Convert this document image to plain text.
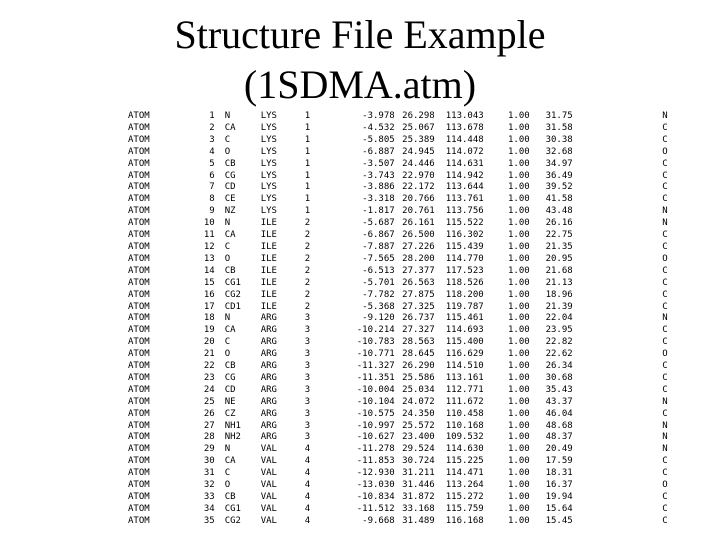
Structure File Example
(1SDMA.atm)
ATOM	1	N	LYS	1	-3.978	26.298	113.043	1.00	31.75	N
ATOM	2	CA	LYS	1	-4.532	25.067	113.678	1.00	31.58	C
ATOM	3	C	LYS	1	-5.805	25.389	114.448	1.00	30.38	C
ATOM	4	O	LYS	1	-6.887	24.945	114.072	1.00	32.68	O
ATOM	5	CB	LYS	1	-3.507	24.446	114.631	1.00	34.97	C
ATOM	6	CG	LYS	1	-3.743	22.970	114.942	1.00	36.49	C
ATOM	7	CD	LYS	1	-3.886	22.172	113.644	1.00	39.52	C
ATOM	8	CE	LYS	1	-3.318	20.766	113.761	1.00	41.58	C
ATOM	9	NZ	LYS	1	-1.817	20.761	113.756	1.00	43.48	N
ATOM	10	N	ILE	2	-5.687	26.161	115.522	1.00	26.16	N
ATOM	11	CA	ILE	2	-6.867	26.500	116.302	1.00	22.75	C
ATOM	12	C	ILE	2	-7.887	27.226	115.439	1.00	21.35	C
ATOM	13	O	ILE	2	-7.565	28.200	114.770	1.00	20.95	O
ATOM	14	CB	ILE	2	-6.513	27.377	117.523	1.00	21.68	C
ATOM	15	CG1	ILE	2	-5.701	26.563	118.526	1.00	21.13	C
ATOM	16	CG2	ILE	2	-7.782	27.875	118.200	1.00	18.96	C
ATOM	17	CD1	ILE	2	-5.368	27.325	119.787	1.00	21.39	C
ATOM	18	N	ARG	3	-9.120	26.737	115.461	1.00	22.04	N
ATOM	19	CA	ARG	3	-10.214	27.327	114.693	1.00	23.95	C
ATOM	20	C	ARG	3	-10.783	28.563	115.400	1.00	22.82	C
ATOM	21	O	ARG	3	-10.771	28.645	116.629	1.00	22.62	O
ATOM	22	CB	ARG	3	-11.327	26.290	114.510	1.00	26.34	C
ATOM	23	CG	ARG	3	-11.351	25.586	113.161	1.00	30.68	C
ATOM	24	CD	ARG	3	-10.004	25.034	112.771	1.00	35.43	C
ATOM	25	NE	ARG	3	-10.104	24.072	111.672	1.00	43.37	N
ATOM	26	CZ	ARG	3	-10.575	24.350	110.458	1.00	46.04	C
ATOM	27	NH1	ARG	3	-10.997	25.572	110.168	1.00	48.68	N
ATOM	28	NH2	ARG	3	-10.627	23.400	109.532	1.00	48.37	N
ATOM	29	N	VAL	4	-11.278	29.524	114.630	1.00	20.49	N
ATOM	30	CA	VAL	4	-11.853	30.724	115.225	1.00	17.59	C
ATOM	31	C	VAL	4	-12.930	31.211	114.471	1.00	18.31	C
ATOM	32	O	VAL	4	-13.030	31.446	113.264	1.00	16.37	O
ATOM	33	CB	VAL	4	-10.834	31.872	115.272	1.00	19.94	C
ATOM	34	CG1	VAL	4	-11.512	33.168	115.759	1.00	15.64	C
ATOM	35	CG2	VAL	4	-9.668	31.489	116.168	1.00	15.45	C
